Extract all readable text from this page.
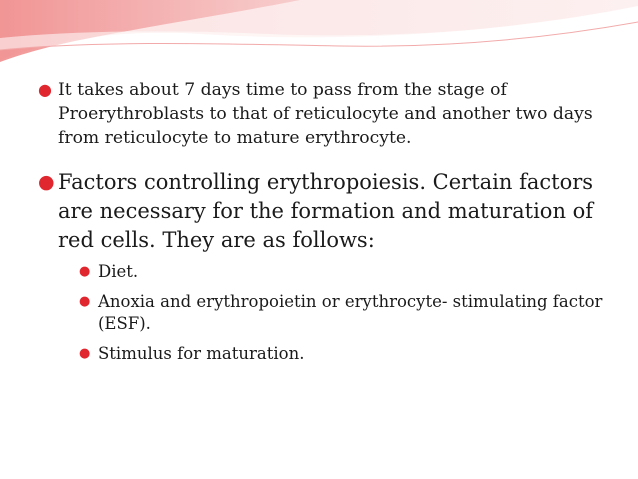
● It takes about 7 days time to pass from the stage of Proerythroblasts to that of reticulocyte and another two days from reticulocyte to mature erythrocyte.
● Factors controlling erythropoiesis. Certain factors are necessary for the formation and maturation of red cells. They are as follows:
● Diet.
● Anoxia and erythropoietin or erythrocyte- stimulating factor (ESF).
● Stimulus for maturation.
